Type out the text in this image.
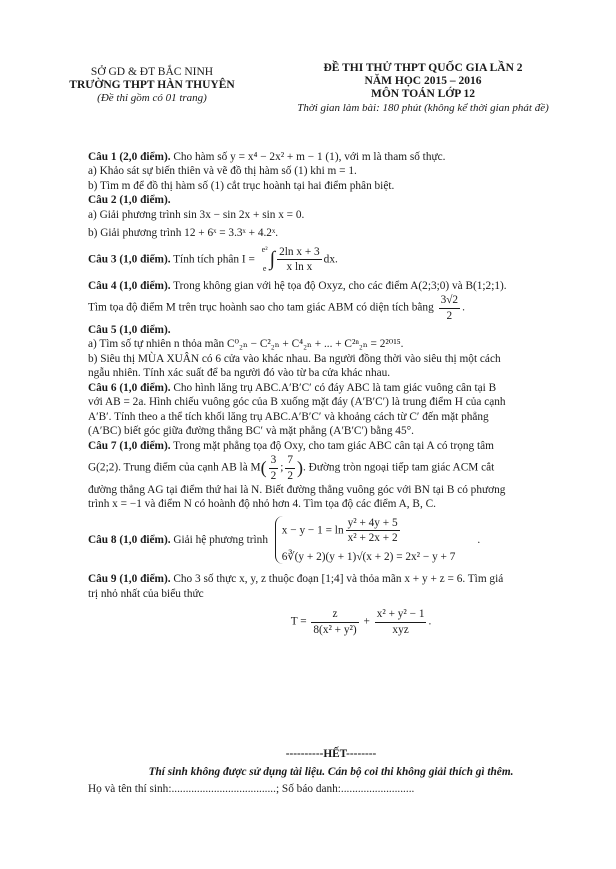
SỞ GD & ĐT BẮC NINH
TRƯỜNG THPT HÀN THUYÊN
(Đề thi gồm có 01 trang)
ĐỀ THI THỬ THPT QUỐC GIA LẦN 2
NĂM HỌC 2015 – 2016
MÔN TOÁN LỚP 12
Thời gian làm bài: 180 phút (không kể thời gian phát đề)
Câu 1 (2,0 điểm). Cho hàm số y = x⁴ − 2x² + m − 1 (1), với m là tham số thực.
a) Khảo sát sự biến thiên và vẽ đồ thị hàm số (1) khi m = 1.
b) Tìm m để đồ thị hàm số (1) cắt trục hoành tại hai điểm phân biệt.
Câu 2 (1,0 điểm).
a) Giải phương trình sin 3x − sin 2x + sin x = 0.
b) Giải phương trình 12 + 6ˣ = 3.3ˣ + 4.2ˣ.
Câu 3 (1,0 điểm). Tính tích phân I =
e²
e ∫ $\frac{\text{2ln x + 3}}{\text{x ln x}}$ dx.
Câu 4 (1,0 điểm). Trong không gian với hệ tọa độ Oxyz, cho các điểm A(2;3;0) và B(1;2;1).
Tìm tọa độ điểm M trên trục hoành sao cho tam giác ABM có diện tích bằng $\frac{3√2}{2}$ .
Câu 5 (1,0 điểm).
a) Tìm số tự nhiên n thỏa mãn C⁰₂ₙ − C²₂ₙ + C⁴₂ₙ + ... + C²ⁿ₂ₙ = 2²⁰¹⁵.
b) Siêu thị MÙA XUÂN có 6 cửa vào khác nhau. Ba người đồng thời vào siêu thị một cách
ngẫu nhiên. Tính xác suất để ba người đó vào từ ba cửa khác nhau.
Câu 6 (1,0 điểm). Cho hình lăng trụ ABC.A′B′C′ có đáy ABC là tam giác vuông cân tại B
với AB = 2a. Hình chiếu vuông góc của B xuống mặt đáy (A′B′C′) là trung điểm H của cạnh
A′B′. Tính theo a thể tích khối lăng trụ ABC.A′B′C′ và khoảng cách từ C′ đến mặt phẳng
(A′BC) biết góc giữa đường thẳng BC′ và mặt phẳng (A′B′C′) bằng 45°.
Câu 7 (1,0 điểm). Trong mặt phẳng tọa độ Oxy, cho tam giác ABC cân tại A có trọng tâm
G(2;2). Trung điểm của cạnh AB là $M( \frac{3}{2}$ ; $\frac{7}{2}$ ). Đường tròn ngoại tiếp tam giác ACM cắt
đường thẳng AG tại điểm thứ hai là N. Biết đường thẳng vuông góc với BN tại B có phương
trình x = −1 và điểm N có hoành độ nhỏ hơn 4. Tìm tọa độ các điểm A, B, C.
Câu 8 (1,0 điểm). Giải hệ phương trình
$x - y - 1 = \ln \frac{\text{y² + 4y + 5}}{\text{x² + 2x + 2}}$
6∛(y + 2)(y + 1)√(x + 2) = 2x² − y + 7
.
Câu 9 (1,0 điểm). Cho 3 số thực x, y, z thuộc đoạn [1;4] và thỏa mãn x + y + z = 6. Tìm giá
trị nhỏ nhất của biểu thức
$T = \frac{z}{\text{8(x² + y²)}} + \frac{\text{x² + y² − 1}}{\text{xyz}}$ .
----------HẾT--------
Thí sinh không được sử dụng tài liệu. Cán bộ coi thi không giải thích gì thêm.
Họ và tên thí sinh:.....................................; Số báo danh:..........................
